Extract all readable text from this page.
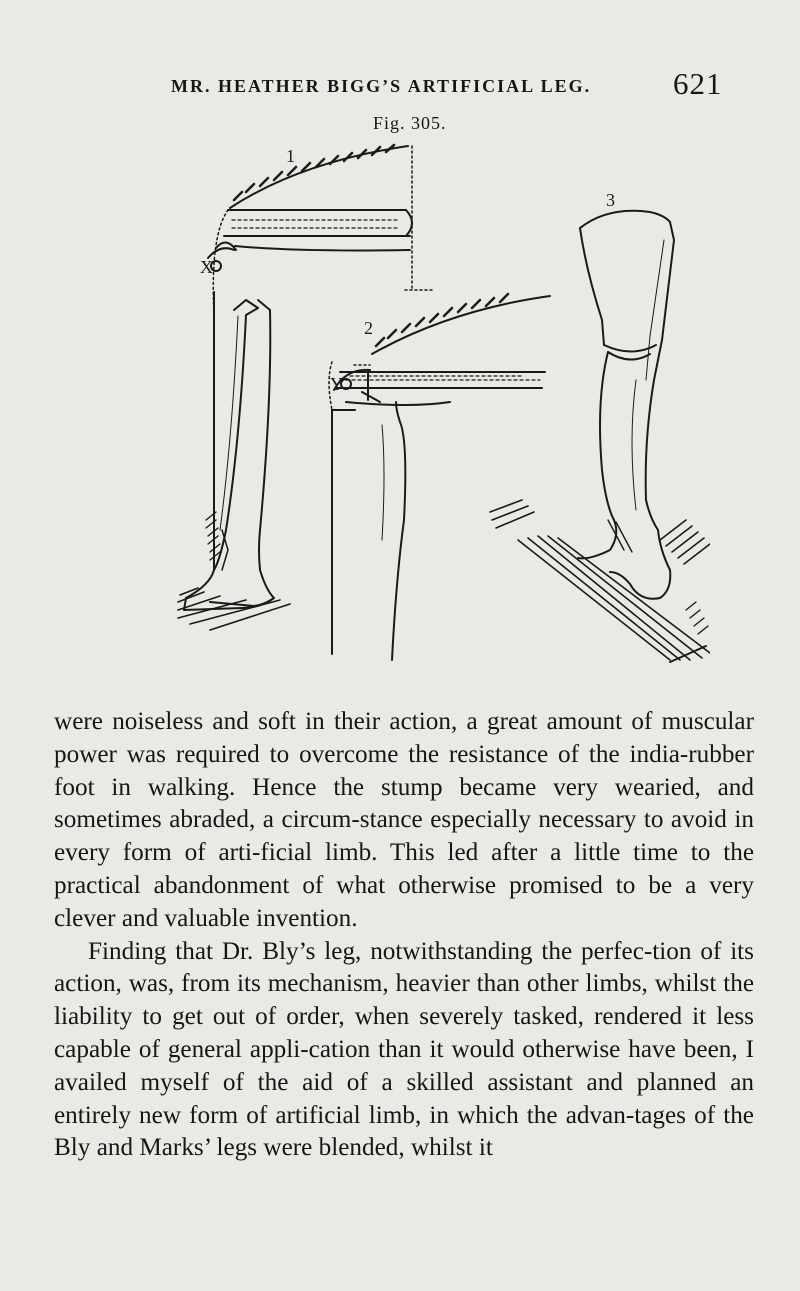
MR. HEATHER BIGG’S ARTIFICIAL LEG.	621
Fig. 305.
X
1
Y
2
3

were noiseless and soft in their action, a great amount of muscular power was required to overcome the resistance of the india-rubber foot in walking. Hence the stump became very wearied, and sometimes abraded, a circum-stance especially necessary to avoid in every form of arti-ficial limb. This led after a little time to the practical abandonment of what otherwise promised to be a very clever and valuable invention.

Finding that Dr. Bly’s leg, notwithstanding the perfec-tion of its action, was, from its mechanism, heavier than other limbs, whilst the liability to get out of order, when severely tasked, rendered it less capable of general appli-cation than it would otherwise have been, I availed myself of the aid of a skilled assistant and planned an entirely new form of artificial limb, in which the advan-tages of the Bly and Marks’ legs were blended, whilst it
